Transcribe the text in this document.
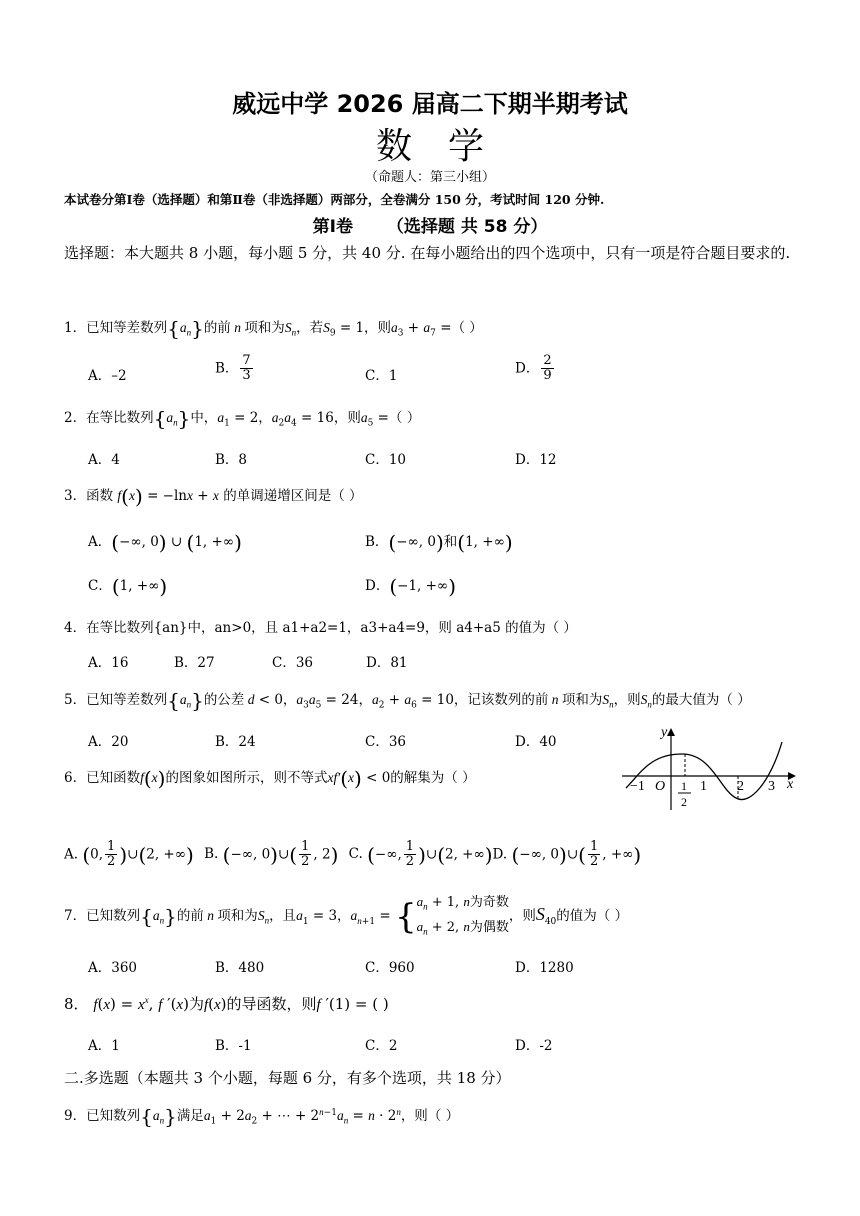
威远中学 2026 届高二下期半期考试
数学
（命题人：第三小组）
本试卷分第Ⅰ卷（选择题）和第Ⅱ卷（非选择题）两部分，全卷满分 150 分，考试时间 120 分钟.
第Ⅰ卷 （选择题 共 58 分）
选择题：本大题共 8 小题，每小题 5 分，共 40 分. 在每小题给出的四个选项中，只有一项是符合题目要求的.
1．已知等差数列$\{a_n\}$的前 n 项和为$S_n$，若$S_9 = 1$，则$a_3 + a_7$ =（ ）
A．–2	B． $\frac{7}{3}$	C．1	D． $\frac{2}{9}$
2．在等比数列$\{a_n\}$中，$a_1 = 2$，$a_2a_4 = 16$，则$a_5$ =（ ）
A．4	B．8	C．10	D．12
3．函数 f(x) = −lnx + x 的单调递增区间是（ ）
A．(−∞, 0) ∪ (1, +∞)	B．(−∞, 0)和(1, +∞)
C．(1, +∞)	D．(−1, +∞)
4．在等比数列{an}中，an>0，且 a1+a2=1，a3+a4=9，则 a4+a5 的值为（ ）
A．16	B．27	C．36	D．81
5．已知等差数列$\{a_n\}$的公差 d < 0，$a_3a_5 = 24$，$a_2 + a_6 = 10$，记该数列的前 n 项和为$S_n$，则$S_n$的最大值为（ ）
A．20	B．24	C．36	D．40
y
x
−1 O 1
2
1 2 3
6．已知函数f(x)的图象如图所示，则不等式xf′(x) < 0的解集为（ ）
A. (0, $\frac{1}{2}$ )∪(2, +∞) B. (−∞, 0)∪( $\frac{1}{2}$ , 2) C. (−∞, $\frac{1}{2}$ )∪(2, +∞)D. (−∞, 0)∪( $\frac{1}{2}$ , +∞)
7．已知数列$\{a_n\}$的前 n 项和为$S_n$，且$a_1 = 3$，$a_{n+1}$ = { $a_n + 1$, n为奇数
$a_n + 2$, n为偶数
，则$S_{40}$的值为（ ）
A．360	B．480	C．960	D．1280
8． $f(x) = x^x$, f ′(x)为f(x)的导函数，则f ′(1) = ( )
A．1	B．-1	C．2	D．-2
二.多选题（本题共 3 个小题，每题 6 分，有多个选项，共 18 分）
9．已知数列$\{a_n\}$满足$a_1 + 2a_2$ + ⋯ + $2^{n-1}a_n = n \cdot 2^n$，则（ ）
